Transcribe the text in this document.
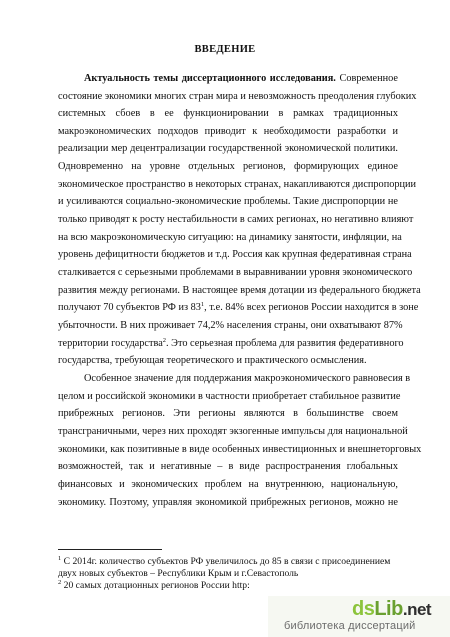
ВВЕДЕНИЕ
Актуальность темы диссертационного исследования. Современное
состояние экономики многих стран мира и невозможность преодоления глубоких
системных сбоев в ее функционировании в рамках традиционных
макроэкономических подходов приводит к необходимости разработки и
реализации мер децентрализации государственной экономической политики.
Одновременно на уровне отдельных регионов, формирующих единое
экономическое пространство в некоторых странах, накапливаются диспропорции
и усиливаются социально-экономические проблемы. Такие диспропорции не
только приводят к росту нестабильности в самих регионах, но негативно влияют
на всю макроэкономическую ситуацию: на динамику занятости, инфляции, на
уровень дефицитности бюджетов и т.д. Россия как крупная федеративная страна
сталкивается с серьезными проблемами в выравнивании уровня экономического
развития между регионами. В настоящее время дотации из федерального бюджета
получают 70 субъектов РФ из $83^1$, т.е. 84% всех регионов России находится в зоне
убыточности. В них проживает 74,2% населения страны, они охватывают 87%
территории государства$^2$. Это серьезная проблема для развития федеративного
государства, требующая теоретического и практического осмысления.
Особенное значение для поддержания макроэкономического равновесия в
целом и российской экономики в частности приобретает стабильное развитие
прибрежных регионов. Эти регионы являются в большинстве своем
трансграничными, через них проходят экзогенные импульсы для национальной
экономики, как позитивные в виде особенных инвестиционных и внешнеторговых
возможностей, так и негативные – в виде распространения глобальных
финансовых и экономических проблем на внутреннюю, национальную,
экономику. Поэтому, управляя экономикой прибрежных регионов, можно не
$^1$ С 2014г. количество субъектов РФ увеличилось до 85 в связи с присоединением
двух новых субъектов – Республики Крым и г.Севастополь
$^2$ 20 самых дотационных регионов России http:
dsLib.net
библиотека диссертаций
